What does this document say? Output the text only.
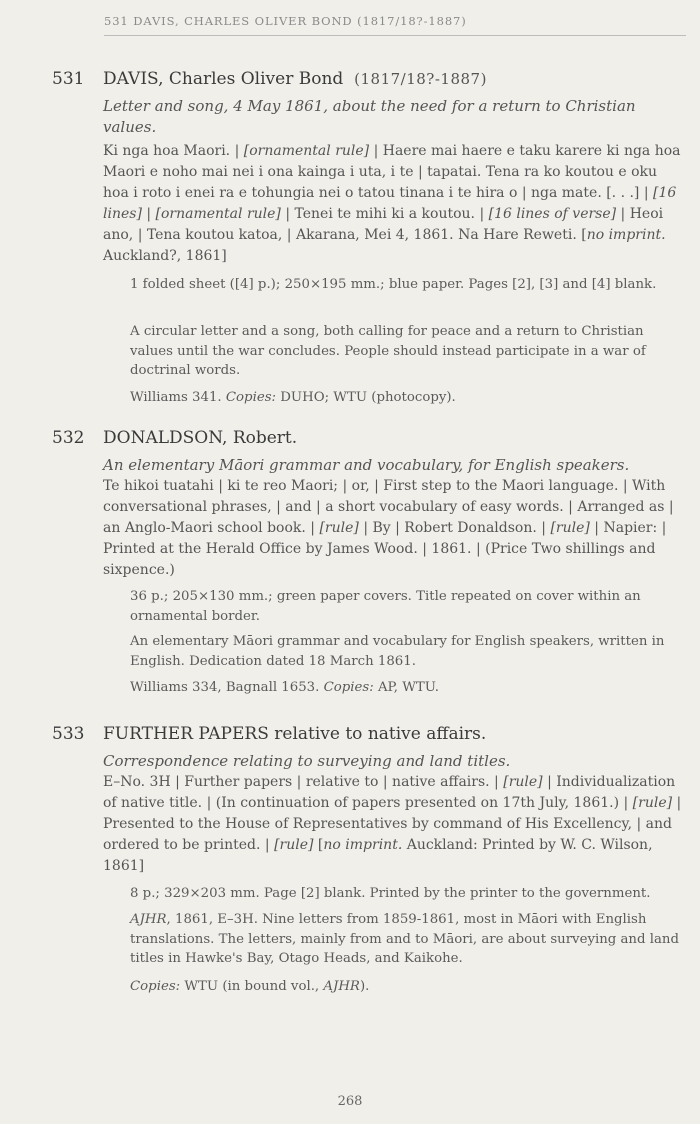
531 DAVIS, CHARLES OLIVER BOND (1817/18?-1887)
531 DAVIS, Charles Oliver Bond (1817/18?-1887)
Letter and song, 4 May 1861, about the need for a return to Christian values.
Ki nga hoa Maori. | [ornamental rule] | Haere mai haere e taku karere ki nga hoa Maori e noho mai nei i ona kainga i uta, i te | tapatai. Tena ra ko koutou e oku hoa i roto i enei ra e tohungia nei o tatou tinana i te hira o | nga mate. [. . .] | [16 lines] | [ornamental rule] | Tenei te mihi ki a koutou. | [16 lines of verse] | Heoi ano, | Tena koutou katoa, | Akarana, Mei 4, 1861. Na Hare Reweti. [no imprint. Auckland?, 1861]
1 folded sheet ([4] p.); 250×195 mm.; blue paper. Pages [2], [3] and [4] blank.
A circular letter and a song, both calling for peace and a return to Christian values until the war concludes. People should instead participate in a war of doctrinal words.
Williams 341. Copies: DUHO; WTU (photocopy).
532 DONALDSON, Robert.
An elementary Māori grammar and vocabulary, for English speakers.
Te hikoi tuatahi | ki te reo Maori; | or, | First step to the Maori language. | With conversational phrases, | and | a short vocabulary of easy words. | Arranged as | an Anglo-Maori school book. | [rule] | By | Robert Donaldson. | [rule] | Napier: | Printed at the Herald Office by James Wood. | 1861. | (Price Two shillings and sixpence.)
36 p.; 205×130 mm.; green paper covers. Title repeated on cover within an ornamental border.
An elementary Māori grammar and vocabulary for English speakers, written in English. Dedication dated 18 March 1861.
Williams 334, Bagnall 1653. Copies: AP, WTU.
533 FURTHER PAPERS relative to native affairs.
Correspondence relating to surveying and land titles.
E–No. 3H | Further papers | relative to | native affairs. | [rule] | Individualization of native title. | (In continuation of papers presented on 17th July, 1861.) | [rule] | Presented to the House of Representatives by command of His Excellency, | and ordered to be printed. | [rule] [no imprint. Auckland: Printed by W. C. Wilson, 1861]
8 p.; 329×203 mm. Page [2] blank. Printed by the printer to the government.
AJHR, 1861, E–3H. Nine letters from 1859-1861, most in Māori with English translations. The letters, mainly from and to Māori, are about surveying and land titles in Hawke's Bay, Otago Heads, and Kaikohe.
Copies: WTU (in bound vol., AJHR).
268
